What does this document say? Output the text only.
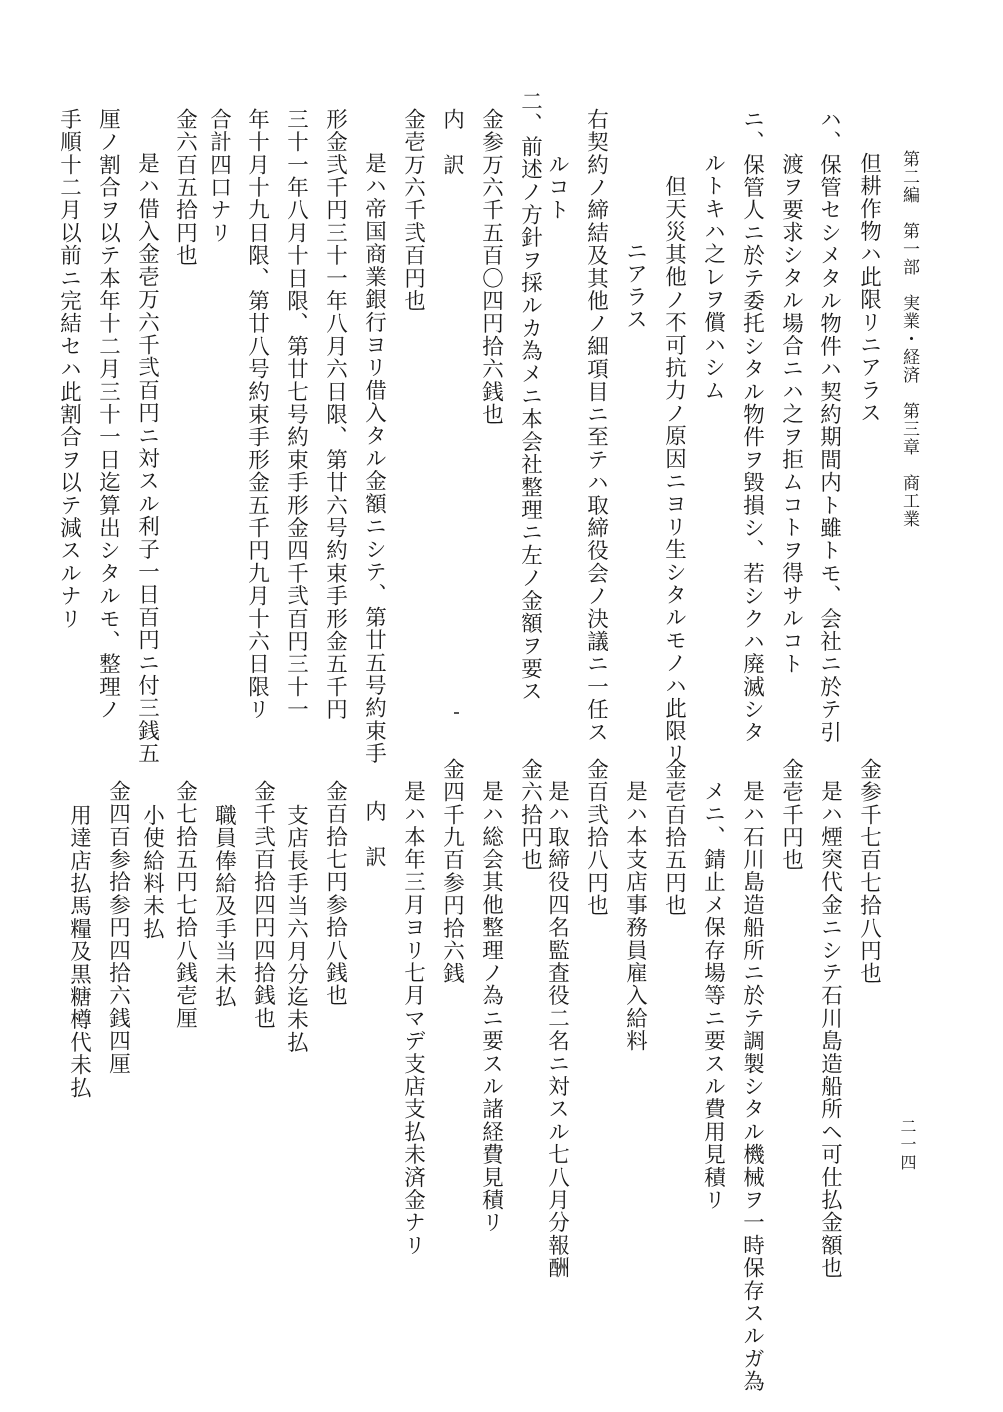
第二編　第一部　実業・経済　第三章　商工業
二一四
但耕作物ハ此限リニアラス
ハ、保管セシメタル物件ハ契約期間内ト雖トモ、会社ニ於テ引
渡ヲ要求シタル場合ニハ之ヲ拒ムコトヲ得サルコト
ニ、保管人ニ於テ委托シタル物件ヲ毀損シ、若シクハ廃滅シタ
ルトキハ之レヲ償ハシム
但天災其他ノ不可抗力ノ原因ニヨリ生シタルモノハ此限リ
ニアラス
右契約ノ締結及其他ノ細項目ニ至テハ取締役会ノ決議ニ一任ス
ルコト
二、前述ノ方針ヲ採ルカ為メニ本会社整理ニ左ノ金額ヲ要ス
金参万六千五百〇四円拾六銭也
内　訳
金壱万六千弐百円也
是ハ帝国商業銀行ヨリ借入タル金額ニシテ、第廿五号約束手
形金弐千円三十一年八月六日限、第廿六号約束手形金五千円
三十一年八月十日限、第廿七号約束手形金四千弐百円三十一
年十月十九日限、第廿八号約束手形金五千円九月十六日限リ
合計四口ナリ
金六百五拾円也
是ハ借入金壱万六千弐百円ニ対スル利子一日百円ニ付三銭五
厘ノ割合ヲ以テ本年十二月三十一日迄算出シタルモ、整理ノ
手順十二月以前ニ完結セハ此割合ヲ以テ減スルナリ
金参千七百七拾八円也
是ハ煙突代金ニシテ石川島造船所ヘ可仕払金額也
金壱千円也
是ハ石川島造船所ニ於テ調製シタル機械ヲ一時保存スルガ為
メニ、錆止メ保存場等ニ要スル費用見積リ
金壱百拾五円也
是ハ本支店事務員雇入給料
金百弐拾八円也
是ハ取締役四名監査役二名ニ対スル七八月分報酬
金六拾円也
是ハ総会其他整理ノ為ニ要スル諸経費見積リ
金四千九百参円拾六銭
是ハ本年三月ヨリ七月マデ支店支払未済金ナリ
内　訳
金百拾七円参拾八銭也
支店長手当六月分迄未払
金千弐百拾四円四拾銭也
職員俸給及手当未払
金七拾五円七拾八銭壱厘
小使給料未払
金四百参拾参円四拾六銭四厘
用達店払馬糧及黒糖樽代未払
